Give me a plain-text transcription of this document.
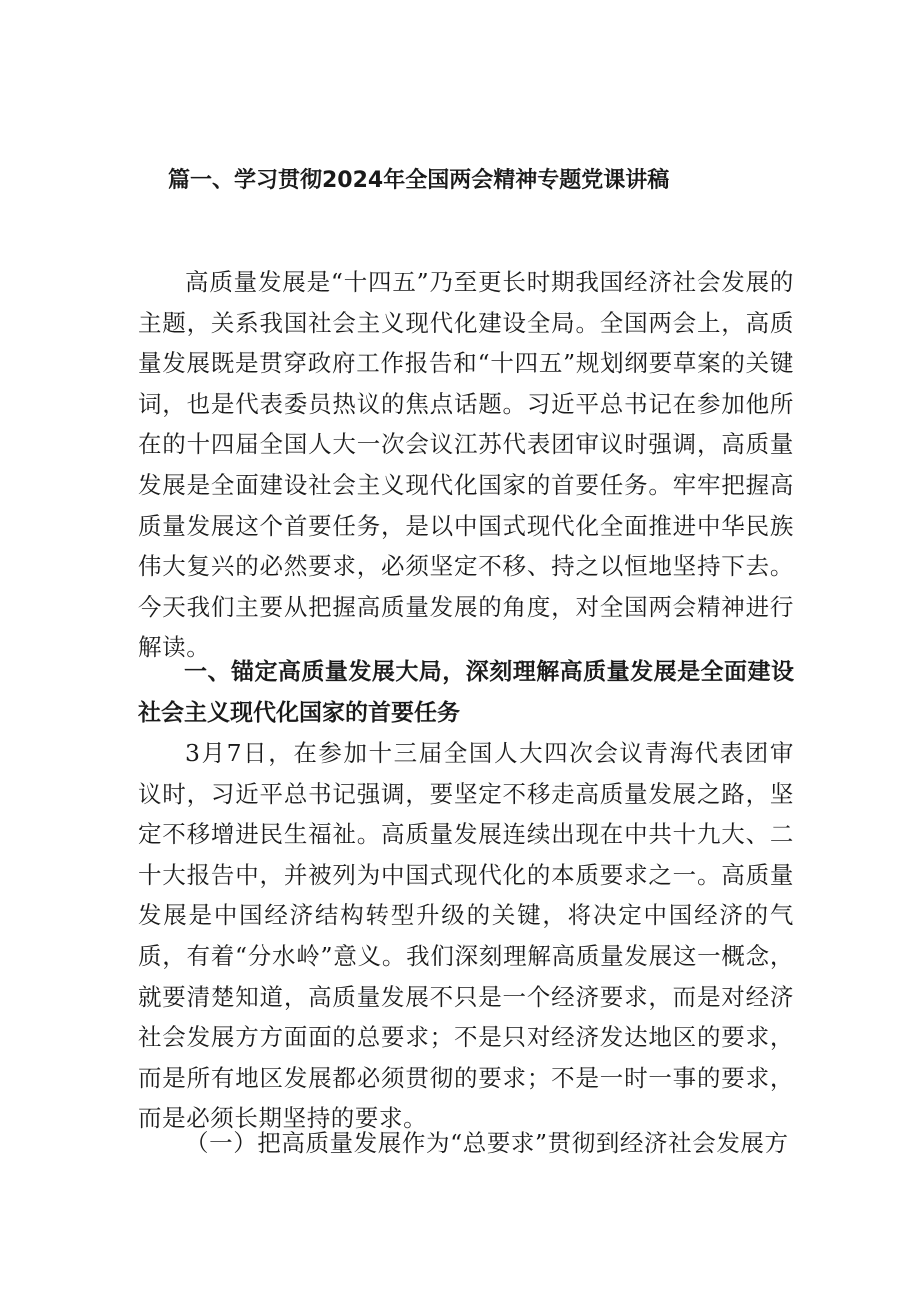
篇一、学习贯彻2024年全国两会精神专题党课讲稿

高质量发展是“十四五”乃至更长时期我国经济社会发展的主题，关系我国社会主义现代化建设全局。全国两会上，高质量发展既是贯穿政府工作报告和“十四五”规划纲要草案的关键词，也是代表委员热议的焦点话题。习近平总书记在参加他所在的十四届全国人大一次会议江苏代表团审议时强调，高质量发展是全面建设社会主义现代化国家的首要任务。牢牢把握高质量发展这个首要任务，是以中国式现代化全面推进中华民族伟大复兴的必然要求，必须坚定不移、持之以恒地坚持下去。今天我们主要从把握高质量发展的角度，对全国两会精神进行解读。

一、锚定高质量发展大局，深刻理解高质量发展是全面建设社会主义现代化国家的首要任务

3月7日，在参加十三届全国人大四次会议青海代表团审议时，习近平总书记强调，要坚定不移走高质量发展之路，坚定不移增进民生福祉。高质量发展连续出现在中共十九大、二十大报告中，并被列为中国式现代化的本质要求之一。高质量发展是中国经济结构转型升级的关键，将决定中国经济的气质，有着“分水岭”意义。我们深刻理解高质量发展这一概念，就要清楚知道，高质量发展不只是一个经济要求，而是对经济社会发展方方面面的总要求；不是只对经济发达地区的要求，而是所有地区发展都必须贯彻的要求；不是一时一事的要求，而是必须长期坚持的要求。

（一）把高质量发展作为“总要求”贯彻到经济社会发展方
